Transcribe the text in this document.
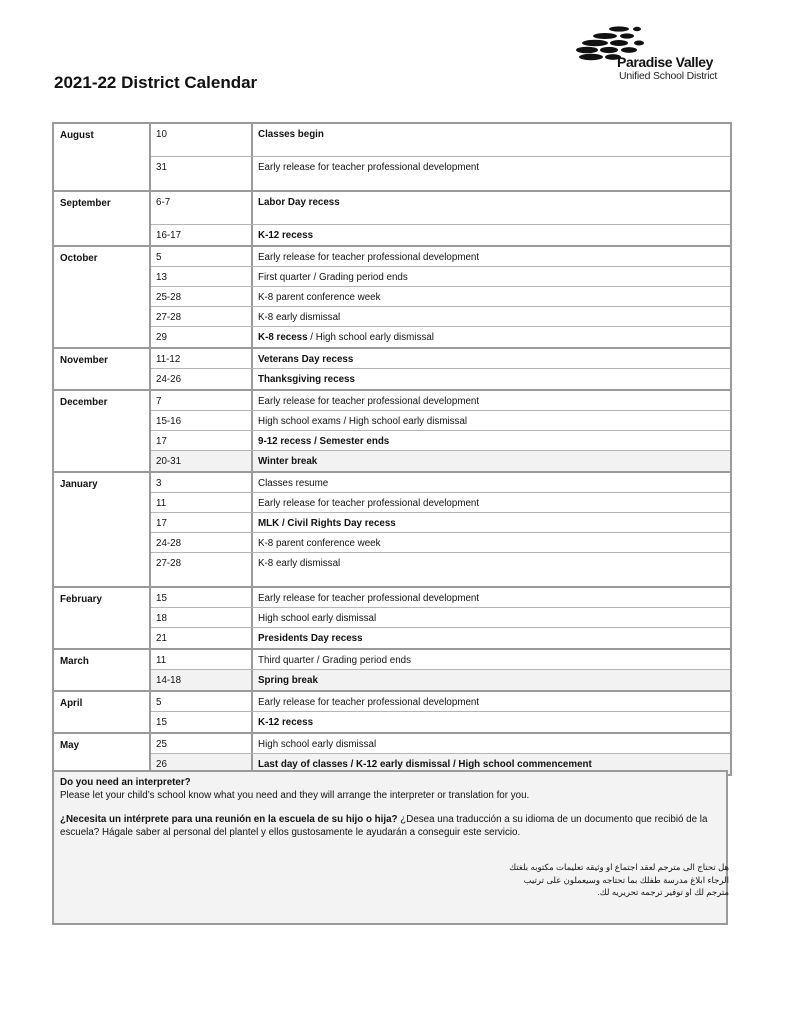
Paradise Valley
Unified School District
2021-22 District Calendar
August	10	Classes begin
31	Early release for teacher professional development
September	6-7	Labor Day recess
16-17	K-12 recess
October	5	Early release for teacher professional development
13	First quarter / Grading period ends
25-28	K-8 parent conference week
27-28	K-8 early dismissal
29	K-8 recess / High school early dismissal
November	11-12	Veterans Day recess
24-26	Thanksgiving recess
December	7	Early release for teacher professional development
15-16	High school exams / High school early dismissal
17	9-12 recess / Semester ends
20-31	Winter break
January	3	Classes resume
11	Early release for teacher professional development
17	MLK / Civil Rights Day recess
24-28	K-8 parent conference week
27-28	K-8 early dismissal
February	15	Early release for teacher professional development
18	High school early dismissal
21	Presidents Day recess
March	11	Third quarter / Grading period ends
14-18	Spring break
April	5	Early release for teacher professional development
15	K-12 recess
May	25	High school early dismissal
26	Last day of classes / K-12 early dismissal / High school commencement

Do you need an interpreter?

Please let your child’s school know what you need and they will arrange the interpreter or translation for you.

¿Necesita un intérprete para una reunión en la escuela de su hijo o hija? ¿Desea una traducción a su idioma de un documento que recibió de la escuela? Hágale saber al personal del plantel y ellos gustosamente le ayudarán a conseguir este servicio.

هل تحتاج الى مترجم لعقد اجتماع او وثيقه تعليمات مكتوبه بلغتك

الرجاء ابلاغ مدرسة طفلك بما تحتاجه وسيعملون على ترتيب مترجم لك او توفير ترجمه تحريريه لك.
